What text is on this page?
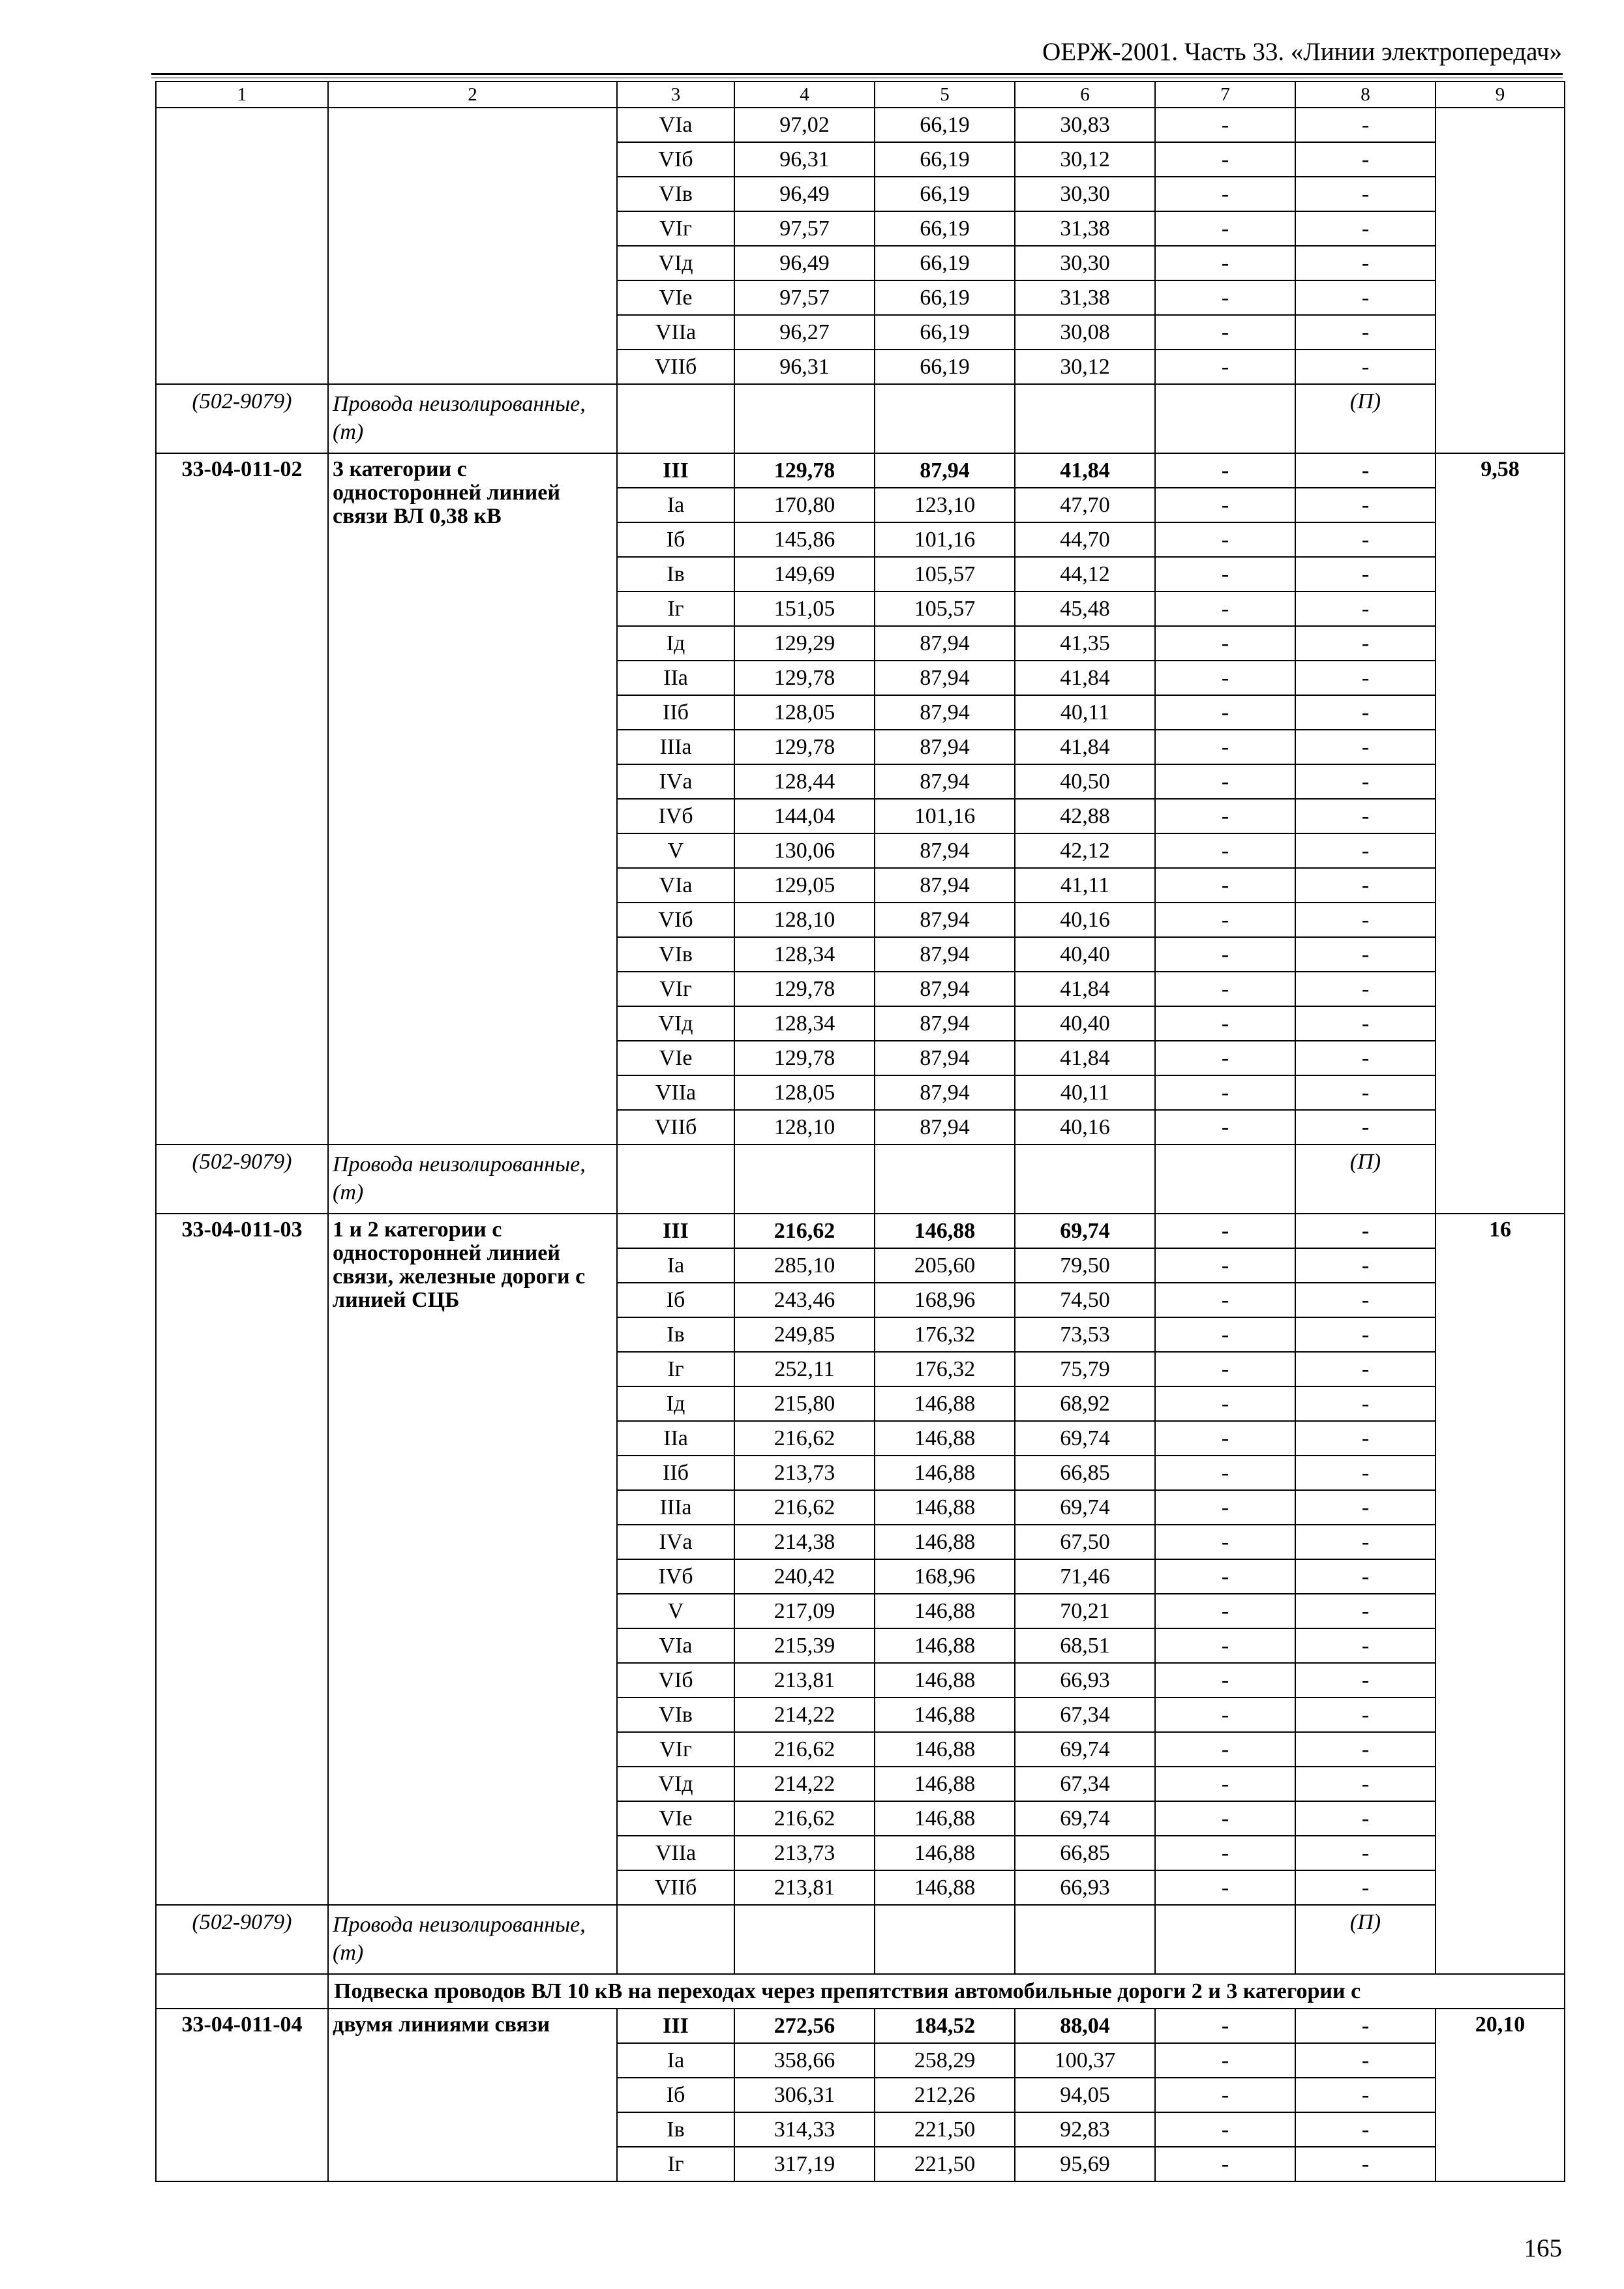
ОЕРЖ-2001. Часть 33. «Линии электропередач»
1	2	3	4	5	6	7	8	9
		VIа	97,02	66,19	30,83	-	-	
		VIб	96,31	66,19	30,12	-	-	
		VIв	96,49	66,19	30,30	-	-	
		VIг	97,57	66,19	31,38	-	-	
		VIд	96,49	66,19	30,30	-	-	
		VIе	97,57	66,19	31,38	-	-	
		VIIа	96,27	66,19	30,08	-	-	
		VIIб	96,31	66,19	30,12	-	-	
(502-9079)	Провода неизолированные, (т)						(П)	
33-04-011-02	3 категории с односторонней линией связи ВЛ 0,38 кВ	III	129,78	87,94	41,84	-	-	9,58
		Iа	170,80	123,10	47,70	-	-	
		Iб	145,86	101,16	44,70	-	-	
		Iв	149,69	105,57	44,12	-	-	
		Iг	151,05	105,57	45,48	-	-	
		Iд	129,29	87,94	41,35	-	-	
		IIа	129,78	87,94	41,84	-	-	
		IIб	128,05	87,94	40,11	-	-	
		IIIа	129,78	87,94	41,84	-	-	
		IVа	128,44	87,94	40,50	-	-	
		IVб	144,04	101,16	42,88	-	-	
		V	130,06	87,94	42,12	-	-	
		VIа	129,05	87,94	41,11	-	-	
		VIб	128,10	87,94	40,16	-	-	
		VIв	128,34	87,94	40,40	-	-	
		VIг	129,78	87,94	41,84	-	-	
		VIд	128,34	87,94	40,40	-	-	
		VIе	129,78	87,94	41,84	-	-	
		VIIа	128,05	87,94	40,11	-	-	
		VIIб	128,10	87,94	40,16	-	-	
(502-9079)	Провода неизолированные, (т)						(П)	
33-04-011-03	1 и 2 категории с односторонней линией связи, железные дороги с линией СЦБ	III	216,62	146,88	69,74	-	-	16
		Iа	285,10	205,60	79,50	-	-	
		Iб	243,46	168,96	74,50	-	-	
		Iв	249,85	176,32	73,53	-	-	
		Iг	252,11	176,32	75,79	-	-	
		Iд	215,80	146,88	68,92	-	-	
		IIа	216,62	146,88	69,74	-	-	
		IIб	213,73	146,88	66,85	-	-	
		IIIа	216,62	146,88	69,74	-	-	
		IVа	214,38	146,88	67,50	-	-	
		IVб	240,42	168,96	71,46	-	-	
		V	217,09	146,88	70,21	-	-	
		VIа	215,39	146,88	68,51	-	-	
		VIб	213,81	146,88	66,93	-	-	
		VIв	214,22	146,88	67,34	-	-	
		VIг	216,62	146,88	69,74	-	-	
		VIд	214,22	146,88	67,34	-	-	
		VIе	216,62	146,88	69,74	-	-	
		VIIа	213,73	146,88	66,85	-	-	
		VIIб	213,81	146,88	66,93	-	-	
(502-9079)	Провода неизолированные, (т)						(П)	
	Подвеска проводов ВЛ 10 кВ на переходах через препятствия автомобильные дороги 2 и 3 категории с							
33-04-011-04	двумя линиями связи	III	272,56	184,52	88,04	-	-	20,10
		Iа	358,66	258,29	100,37	-	-	
		Iб	306,31	212,26	94,05	-	-	
		Iв	314,33	221,50	92,83	-	-	
		Iг	317,19	221,50	95,69	-	-	
165
